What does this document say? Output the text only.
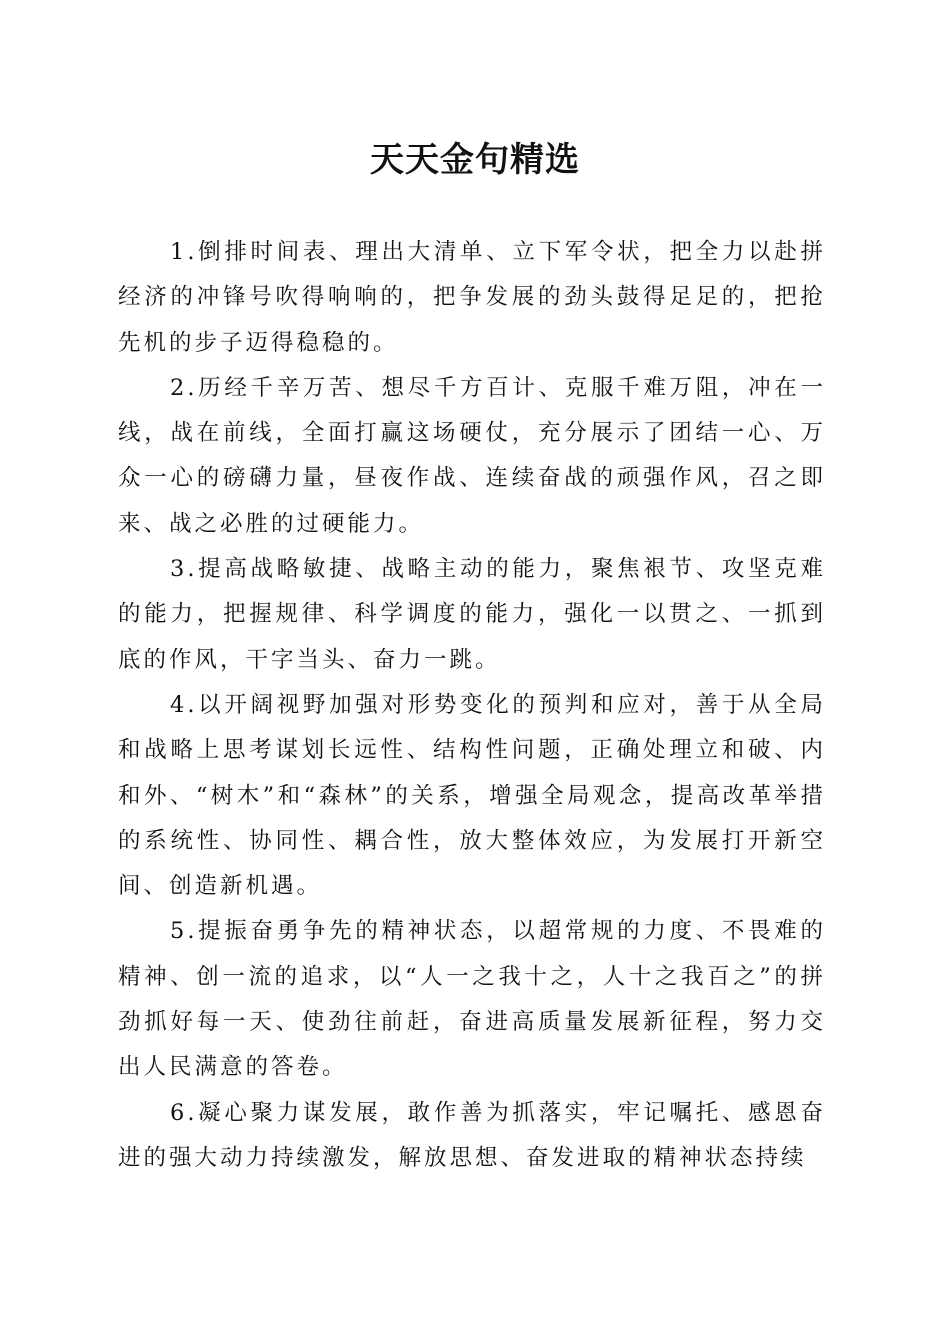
天天金句精选

1.倒排时间表、理出大清单、立下军令状，把全力以赴拼经济的冲锋号吹得响响的，把争发展的劲头鼓得足足的，把抢先机的步子迈得稳稳的。

2.历经千辛万苦、想尽千方百计、克服千难万阻，冲在一线，战在前线，全面打赢这场硬仗，充分展示了团结一心、万众一心的磅礴力量，昼夜作战、连续奋战的顽强作风，召之即来、战之必胜的过硬能力。

3.提高战略敏捷、战略主动的能力，聚焦裉节、攻坚克难的能力，把握规律、科学调度的能力，强化一以贯之、一抓到底的作风，干字当头、奋力一跳。

4.以开阔视野加强对形势变化的预判和应对，善于从全局和战略上思考谋划长远性、结构性问题，正确处理立和破、内和外、“树木”和“森林”的关系，增强全局观念，提高改革举措的系统性、协同性、耦合性，放大整体效应，为发展打开新空间、创造新机遇。

5.提振奋勇争先的精神状态，以超常规的力度、不畏难的精神、创一流的追求，以“人一之我十之，人十之我百之”的拼劲抓好每一天、使劲往前赶，奋进高质量发展新征程，努力交出人民满意的答卷。

6.凝心聚力谋发展，敢作善为抓落实，牢记嘱托、感恩奋进的强大动力持续激发，解放思想、奋发进取的精神状态持续
